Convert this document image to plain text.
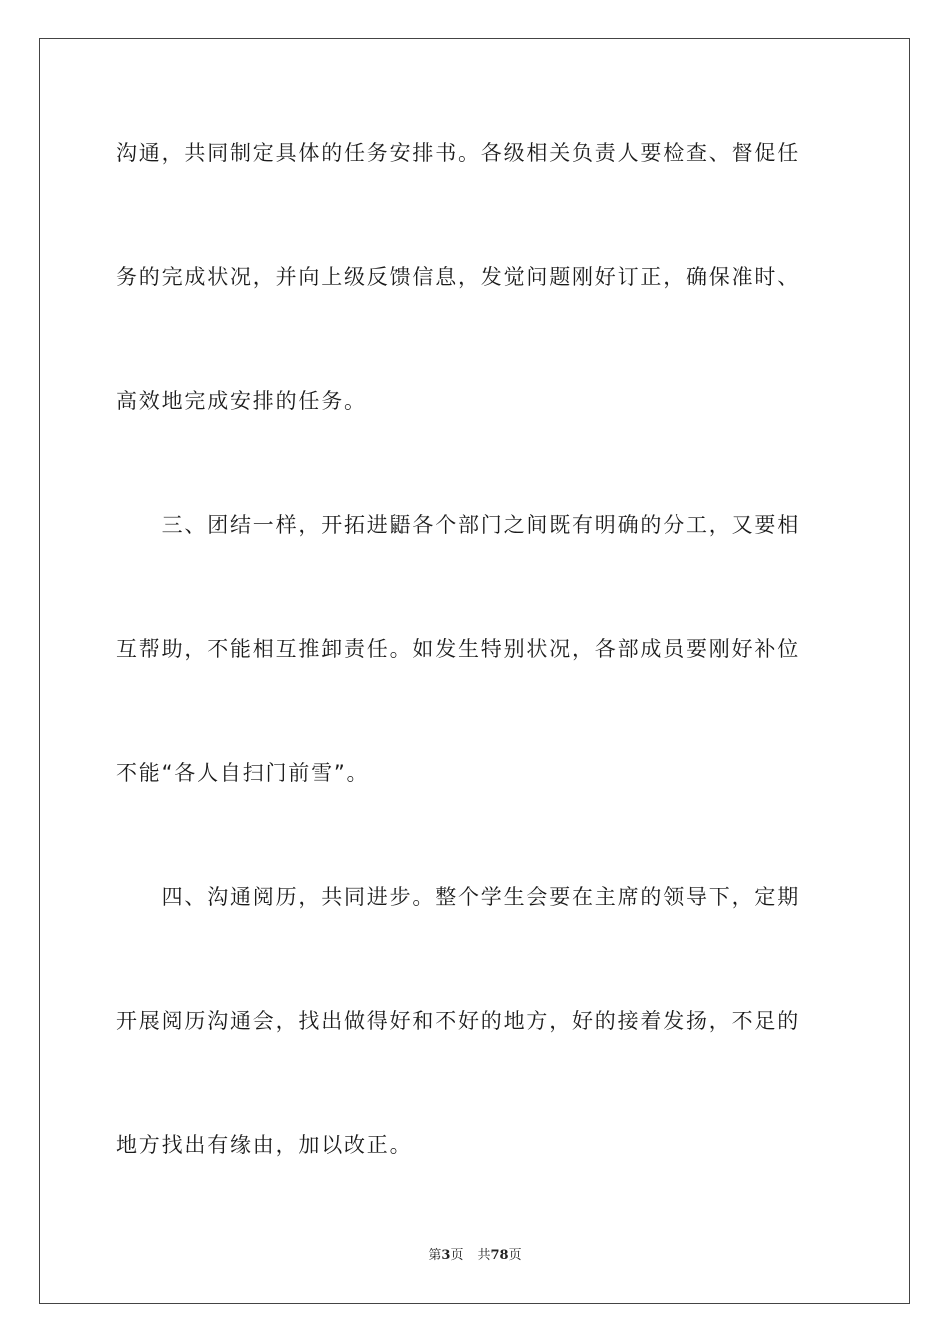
沟通，共同制定具体的任务安排书。各级相关负责人要检查、督促任
务的完成状况，并向上级反馈信息，发觉问题刚好订正，确保准时、
高效地完成安排的任务。
　　三、团结一样，开拓进鼯各个部门之间既有明确的分工，又要相
互帮助，不能相互推卸责任。如发生特别状况，各部成员要刚好补位
不能“各人自扫门前雪”。
　　四、沟通阅历，共同进步。整个学生会要在主席的领导下，定期
开展阅历沟通会，找出做得好和不好的地方，好的接着发扬，不足的
地方找出有缘由，加以改正。
第3页 共78页
